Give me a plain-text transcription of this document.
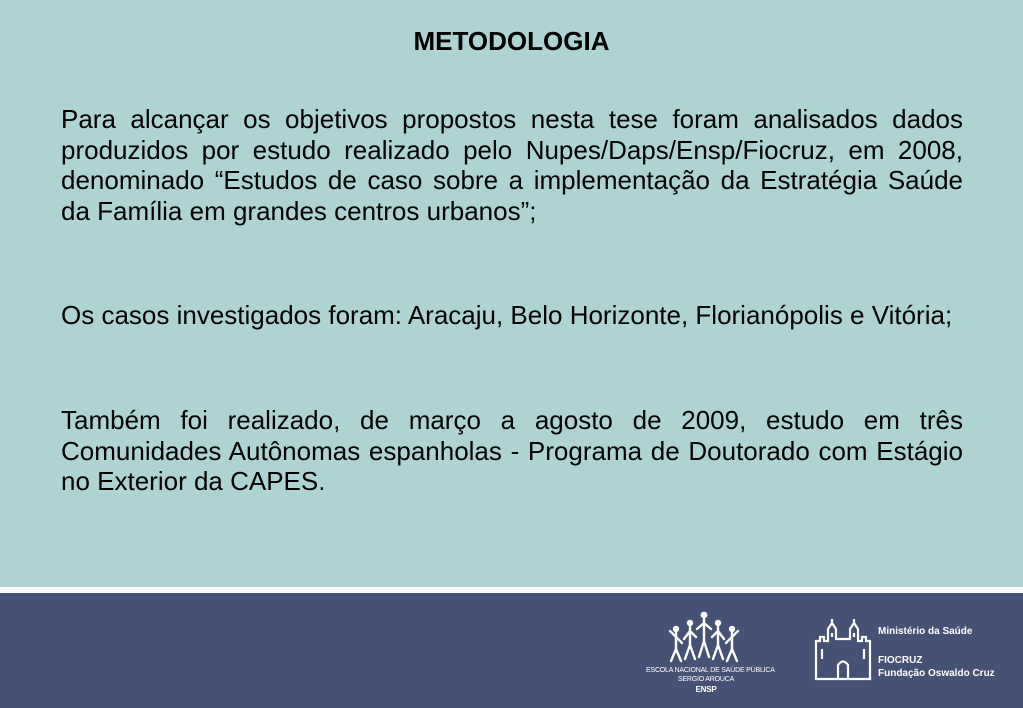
METODOLOGIA

Para alcançar os objetivos propostos nesta tese foram analisados dados produzidos por estudo realizado pelo Nupes/Daps/Ensp/Fiocruz, em 2008, denominado “Estudos de caso sobre a implementação da Estratégia Saúde da Família em grandes centros urbanos”;

Os casos investigados foram: Aracaju, Belo Horizonte, Florianópolis e Vitória;

Também foi realizado, de março a agosto de 2009, estudo em três Comunidades Autônomas espanholas - Programa de Doutorado com Estágio no Exterior da CAPES.

ESCOLA NACIONAL DE SAÚDE PÚBLICA
SERGIO AROUCA
ENSP
Ministério da Saúde
FIOCRUZ
Fundação Oswaldo Cruz
